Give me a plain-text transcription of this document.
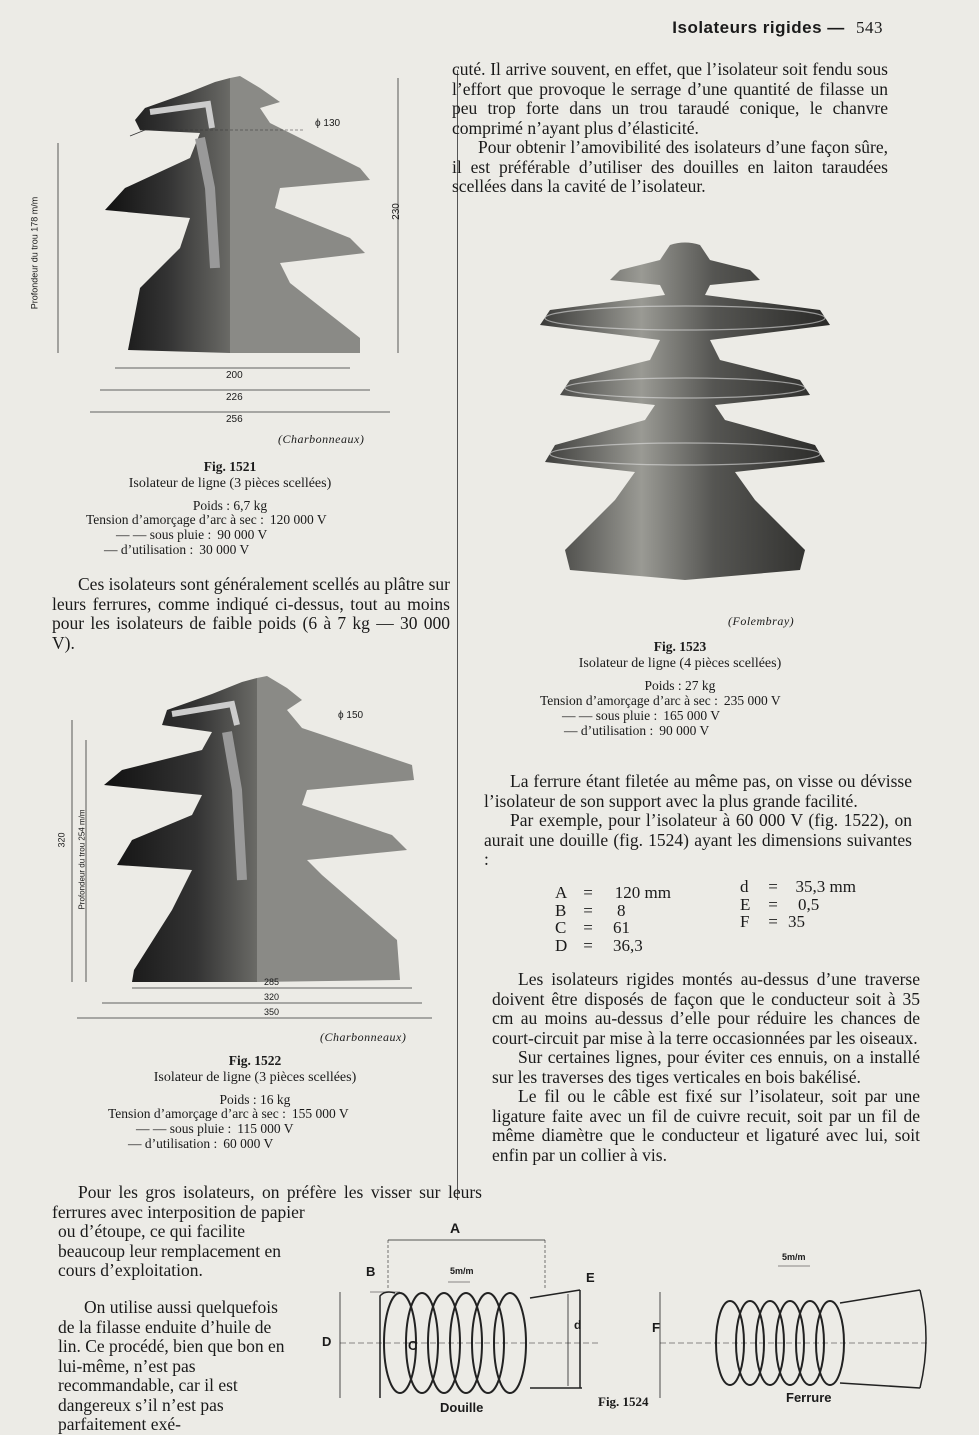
Isolateurs rigides — 543
ϕ 130
230
Profondeur du trou 178 m/m
200
226
256
(Charbonneaux)
Fig. 1521
Isolateur de ligne (3 pièces scellées)
Poids : 6,7 kg
Tension d’amorçage d’arc à sec : 120 000 V
— — sous pluie : 90 000 V
— d’utilisation : 30 000 V

Ces isolateurs sont généralement scellés au plâtre sur leurs ferrures, comme indiqué ci-dessus, tout au moins pour les isolateurs de faible poids (6 à 7 kg — 30 000 V).

ϕ 150
320 Profondeur du trou 254 m/m
285
320
350
(Charbonneaux)
Fig. 1522
Isolateur de ligne (3 pièces scellées)
Poids : 16 kg
Tension d’amorçage d’arc à sec : 155 000 V
— — sous pluie : 115 000 V
— d’utilisation : 60 000 V

Pour les gros isolateurs, on préfère les visser sur leurs ferrures avec interposition de papier

ou d’étoupe, ce qui facilite beaucoup leur remplacement en cours d’exploitation.

On utilise aussi quelquefois de la filasse enduite d’huile de lin. Ce procédé, bien que bon en lui-même, n’est pas recommandable, car il est dangereux s’il n’est pas parfaitement exé-

cuté. Il arrive souvent, en effet, que l’isolateur soit fendu sous l’effort que provoque le serrage d’une quantité de filasse un peu trop forte dans un trou taraudé conique, le chanvre comprimé n’ayant plus d’élasticité.

Pour obtenir l’amovibilité des isolateurs d’une façon sûre, il est préférable d’utiliser des douilles en laiton taraudées scellées dans la cavité de l’isolateur.

(Folembray)
Fig. 1523
Isolateur de ligne (4 pièces scellées)
Poids : 27 kg
Tension d’amorçage d’arc à sec : 235 000 V
— — sous pluie : 165 000 V
— d’utilisation : 90 000 V

La ferrure étant filetée au même pas, on visse ou dévisse l’isolateur de son support avec la plus grande facilité.

Par exemple, pour l’isolateur à 60 000 V (fig. 1522), on aurait une douille (fig. 1524) ayant les dimensions suivantes :

A =	120 mm
B =	8
C =	61
D =	36,3
d	=	35,3 mm
E	=	0,5
F	= 35

Les isolateurs rigides montés au-dessus d’une traverse doivent être disposés de façon que le conducteur soit à 35 cm au moins au-dessus d’elle pour réduire les chances de court-circuit par mise à la terre occasionnées par les oiseaux.

Sur certaines lignes, pour éviter ces ennuis, on a installé sur les traverses des tiges verticales en bois bakélisé.

Le fil ou le câble est fixé sur l’isolateur, soit par une ligature faite avec un fil de cuivre recuit, soit par un fil de même diamètre que le conducteur et ligaturé avec lui, soit enfin par un collier à vis.

A
B
C
D
E
F
d
5m/m
5m/m
Douille	Fig. 1524	Ferrure
